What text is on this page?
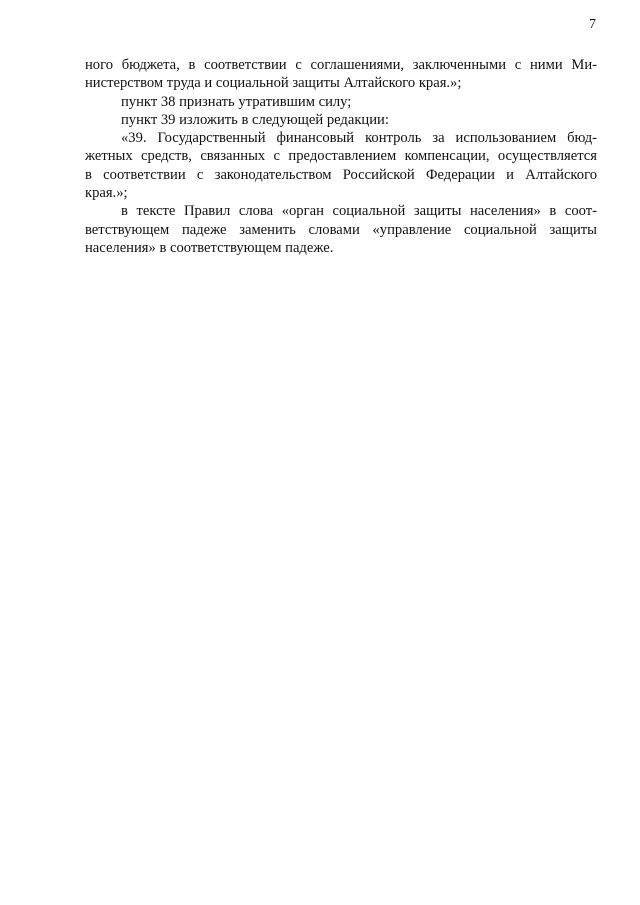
7

ного бюджета, в соответствии с соглашениями, заключенными с ними Ми-
нистерством труда и социальной защиты Алтайского края.»;

пункт 38 признать утратившим силу;

пункт 39 изложить в следующей редакции:

«39. Государственный финансовый контроль за использованием бюд-
жетных средств, связанных с предоставлением компенсации, осуществляется
в соответствии с законодательством Российской Федерации и Алтайского
края.»;

в тексте Правил слова «орган социальной защиты населения» в соот-
ветствующем падеже заменить словами «управление социальной защиты
населения» в соответствующем падеже.
